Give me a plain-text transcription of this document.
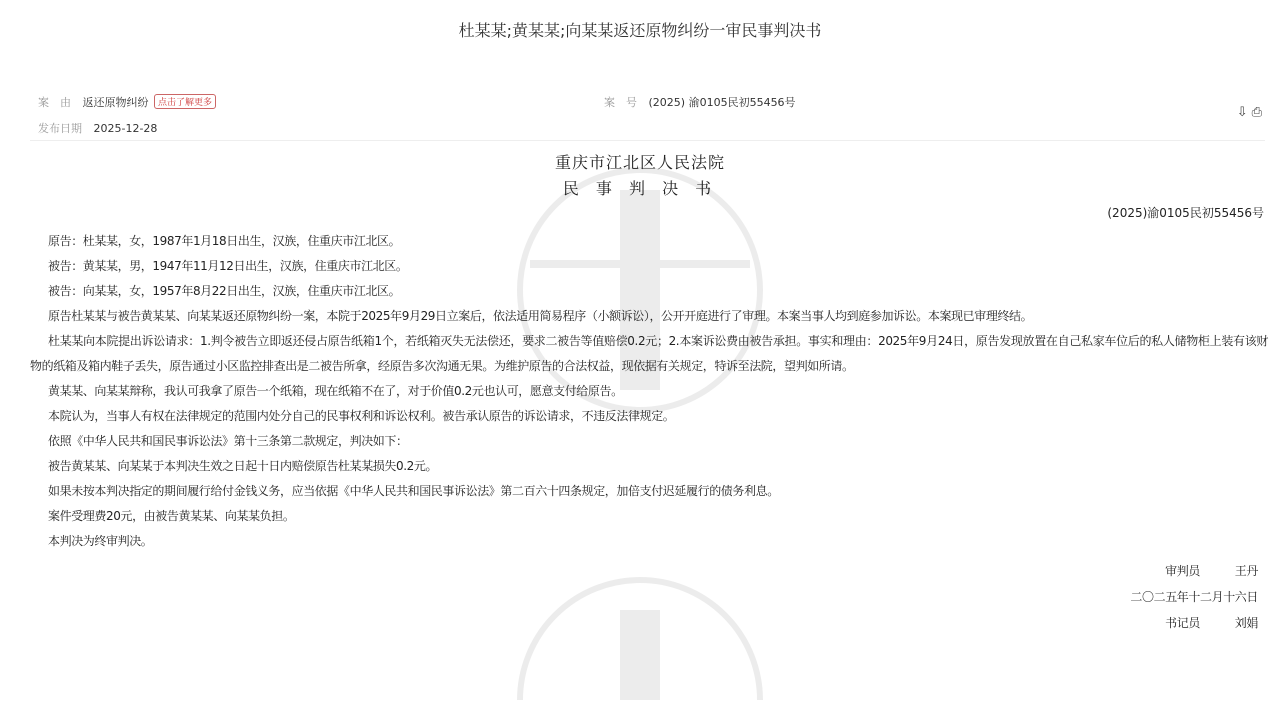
杜某某;黄某某;向某某返还原物纠纷一审民事判决书
案　由 返还原物纠纷 点击了解更多	案　号 (2025) 渝0105民初55456号
发布日期 2025-12-28
⇩ ⎙
重庆市江北区人民法院
民 事 判 决 书
(2025)渝0105民初55456号

原告：杜某某，女，1987年1月18日出生，汉族，住重庆市江北区。

被告：黄某某，男，1947年11月12日出生，汉族，住重庆市江北区。

被告：向某某，女，1957年8月22日出生，汉族，住重庆市江北区。

原告杜某某与被告黄某某、向某某返还原物纠纷一案，本院于2025年9月29日立案后，依法适用简易程序（小额诉讼），公开开庭进行了审理。本案当事人均到庭参加诉讼。本案现已审理终结。

杜某某向本院提出诉讼请求：1.判令被告立即返还侵占原告纸箱1个，若纸箱灭失无法偿还，要求二被告等值赔偿0.2元；2.本案诉讼费由被告承担。事实和理由：2025年9月24日，原告发现放置在自己私家车位后的私人储物柜上装有该财物的纸箱及箱内鞋子丢失，原告通过小区监控排查出是二被告所拿，经原告多次沟通无果。为维护原告的合法权益，现依据有关规定，特诉至法院，望判如所请。

黄某某、向某某辩称，我认可我拿了原告一个纸箱，现在纸箱不在了，对于价值0.2元也认可，愿意支付给原告。

本院认为，当事人有权在法律规定的范围内处分自己的民事权利和诉讼权利。被告承认原告的诉讼请求，不违反法律规定。

依照《中华人民共和国民事诉讼法》第十三条第二款规定，判决如下：

被告黄某某、向某某于本判决生效之日起十日内赔偿原告杜某某损失0.2元。

如果未按本判决指定的期间履行给付金钱义务，应当依据《中华人民共和国民事诉讼法》第二百六十四条规定，加倍支付迟延履行的债务利息。

案件受理费20元，由被告黄某某、向某某负担。

本判决为终审判决。

审判员	王丹
二〇二五年十二月十六日
书记员	刘娟
